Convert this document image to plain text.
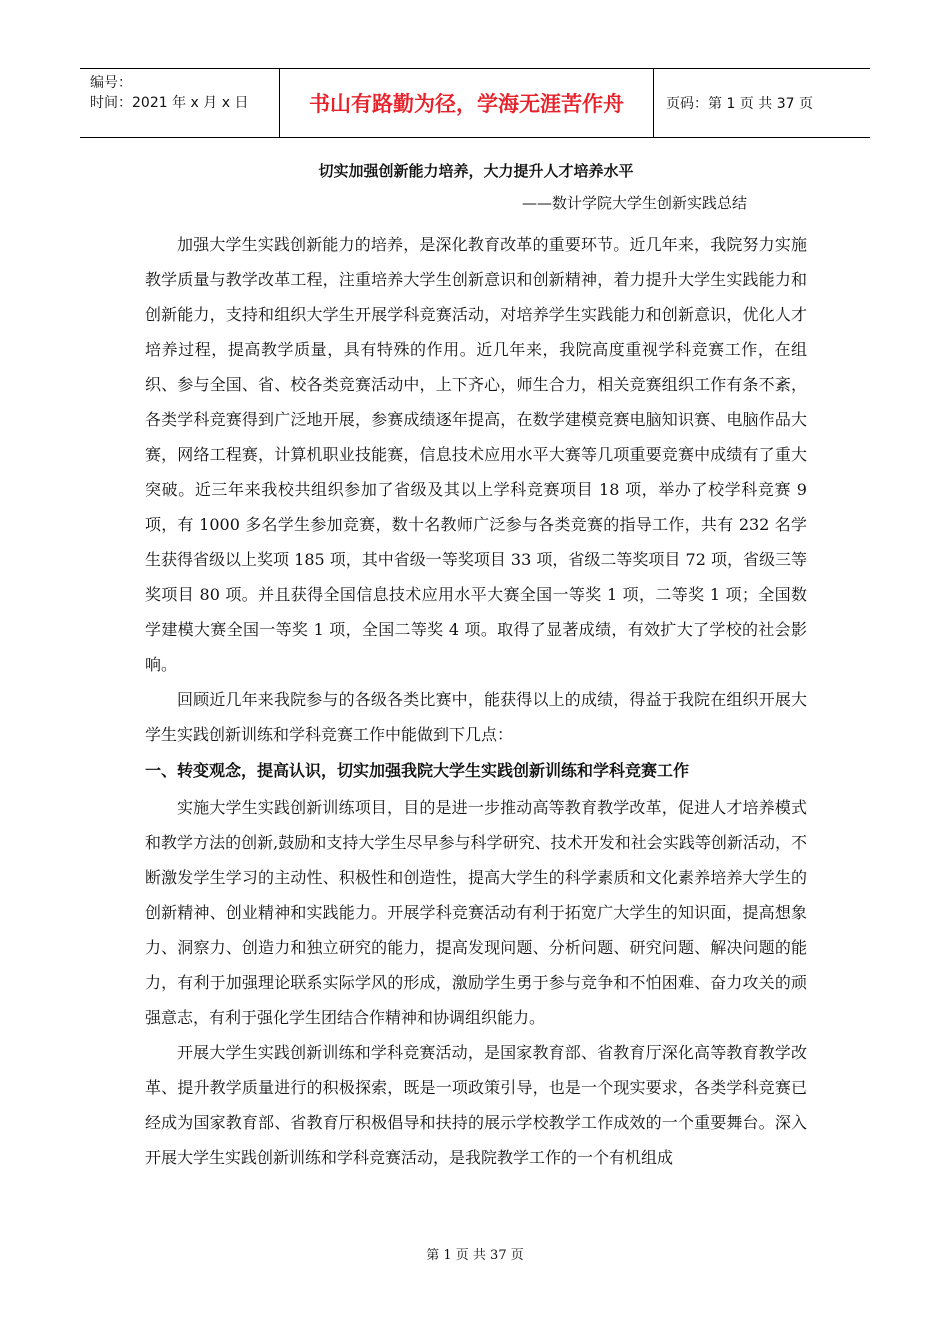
编号：
时间：2021 年 x 月 x 日	书山有路勤为径，学海无涯苦作舟	页码：第 1 页 共 37 页
切实加强创新能力培养，大力提升人才培养水平
——数计学院大学生创新实践总结

加强大学生实践创新能力的培养，是深化教育改革的重要环节。近几年来，我院努力实施教学质量与教学改革工程，注重培养大学生创新意识和创新精神，着力提升大学生实践能力和创新能力，支持和组织大学生开展学科竞赛活动，对培养学生实践能力和创新意识，优化人才培养过程，提高教学质量，具有特殊的作用。近几年来，我院高度重视学科竞赛工作，在组织、参与全国、省、校各类竞赛活动中，上下齐心，师生合力，相关竞赛组织工作有条不紊，各类学科竞赛得到广泛地开展，参赛成绩逐年提高，在数学建模竞赛电脑知识赛、电脑作品大赛，网络工程赛，计算机职业技能赛，信息技术应用水平大赛等几项重要竞赛中成绩有了重大突破。近三年来我校共组织参加了省级及其以上学科竞赛项目 18 项，举办了校学科竞赛 9 项，有 1000 多名学生参加竞赛，数十名教师广泛参与各类竞赛的指导工作，共有 232 名学生获得省级以上奖项 185 项，其中省级一等奖项目 33 项，省级二等奖项目 72 项，省级三等奖项目 80 项。并且获得全国信息技术应用水平大赛全国一等奖 1 项，二等奖 1 项；全国数学建模大赛全国一等奖 1 项，全国二等奖 4 项。取得了显著成绩，有效扩大了学校的社会影响。

回顾近几年来我院参与的各级各类比赛中，能获得以上的成绩，得益于我院在组织开展大学生实践创新训练和学科竞赛工作中能做到下几点：

一、转变观念，提高认识，切实加强我院大学生实践创新训练和学科竞赛工作

实施大学生实践创新训练项目，目的是进一步推动高等教育教学改革，促进人才培养模式和教学方法的创新,鼓励和支持大学生尽早参与科学研究、技术开发和社会实践等创新活动，不断激发学生学习的主动性、积极性和创造性，提高大学生的科学素质和文化素养培养大学生的创新精神、创业精神和实践能力。开展学科竞赛活动有利于拓宽广大学生的知识面，提高想象力、洞察力、创造力和独立研究的能力，提高发现问题、分析问题、研究问题、解决问题的能力，有利于加强理论联系实际学风的形成，激励学生勇于参与竞争和不怕困难、奋力攻关的顽强意志，有利于强化学生团结合作精神和协调组织能力。

开展大学生实践创新训练和学科竞赛活动，是国家教育部、省教育厅深化高等教育教学改革、提升教学质量进行的积极探索，既是一项政策引导，也是一个现实要求，各类学科竞赛已经成为国家教育部、省教育厅积极倡导和扶持的展示学校教学工作成效的一个重要舞台。深入开展大学生实践创新训练和学科竞赛活动，是我院教学工作的一个有机组成

第 1 页 共 37 页
